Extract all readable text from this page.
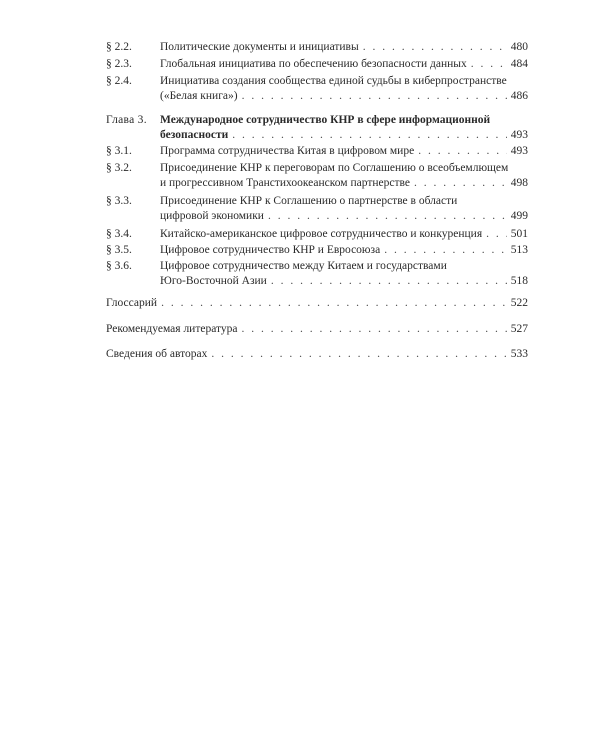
§ 2.2. Политические документы и инициативы . . .	480
§ 2.3. Глобальная инициатива по обеспечению безопасности данных . . .	484
§ 2.4. Инициатива создания сообщества единой судьбы в киберпространстве
(«Белая книга») . . .	486
Глава 3. Международное сотрудничество КНР в сфере информационной
безопасности . . .	493
§ 3.1. Программа сотрудничества Китая в цифровом мире . . .	493
§ 3.2. Присоединение КНР к переговорам по Соглашению о всеобъемлющем
и прогрессивном Транстихоокеанском партнерстве . . .	498
§ 3.3. Присоединение КНР к Соглашению о партнерстве в области
цифровой экономики . . .	499
§ 3.4. Китайско-американское цифровое сотрудничество и конкуренция . . . 501
§ 3.5. Цифровое сотрудничество КНР и Евросоюза . . .	513
§ 3.6. Цифровое сотрудничество между Китаем и государствами
Юго-Восточной Азии . . .	518
Глоссарий . . .	522
Рекомендуемая литература . . .	527
Сведения об авторах . . .	533
